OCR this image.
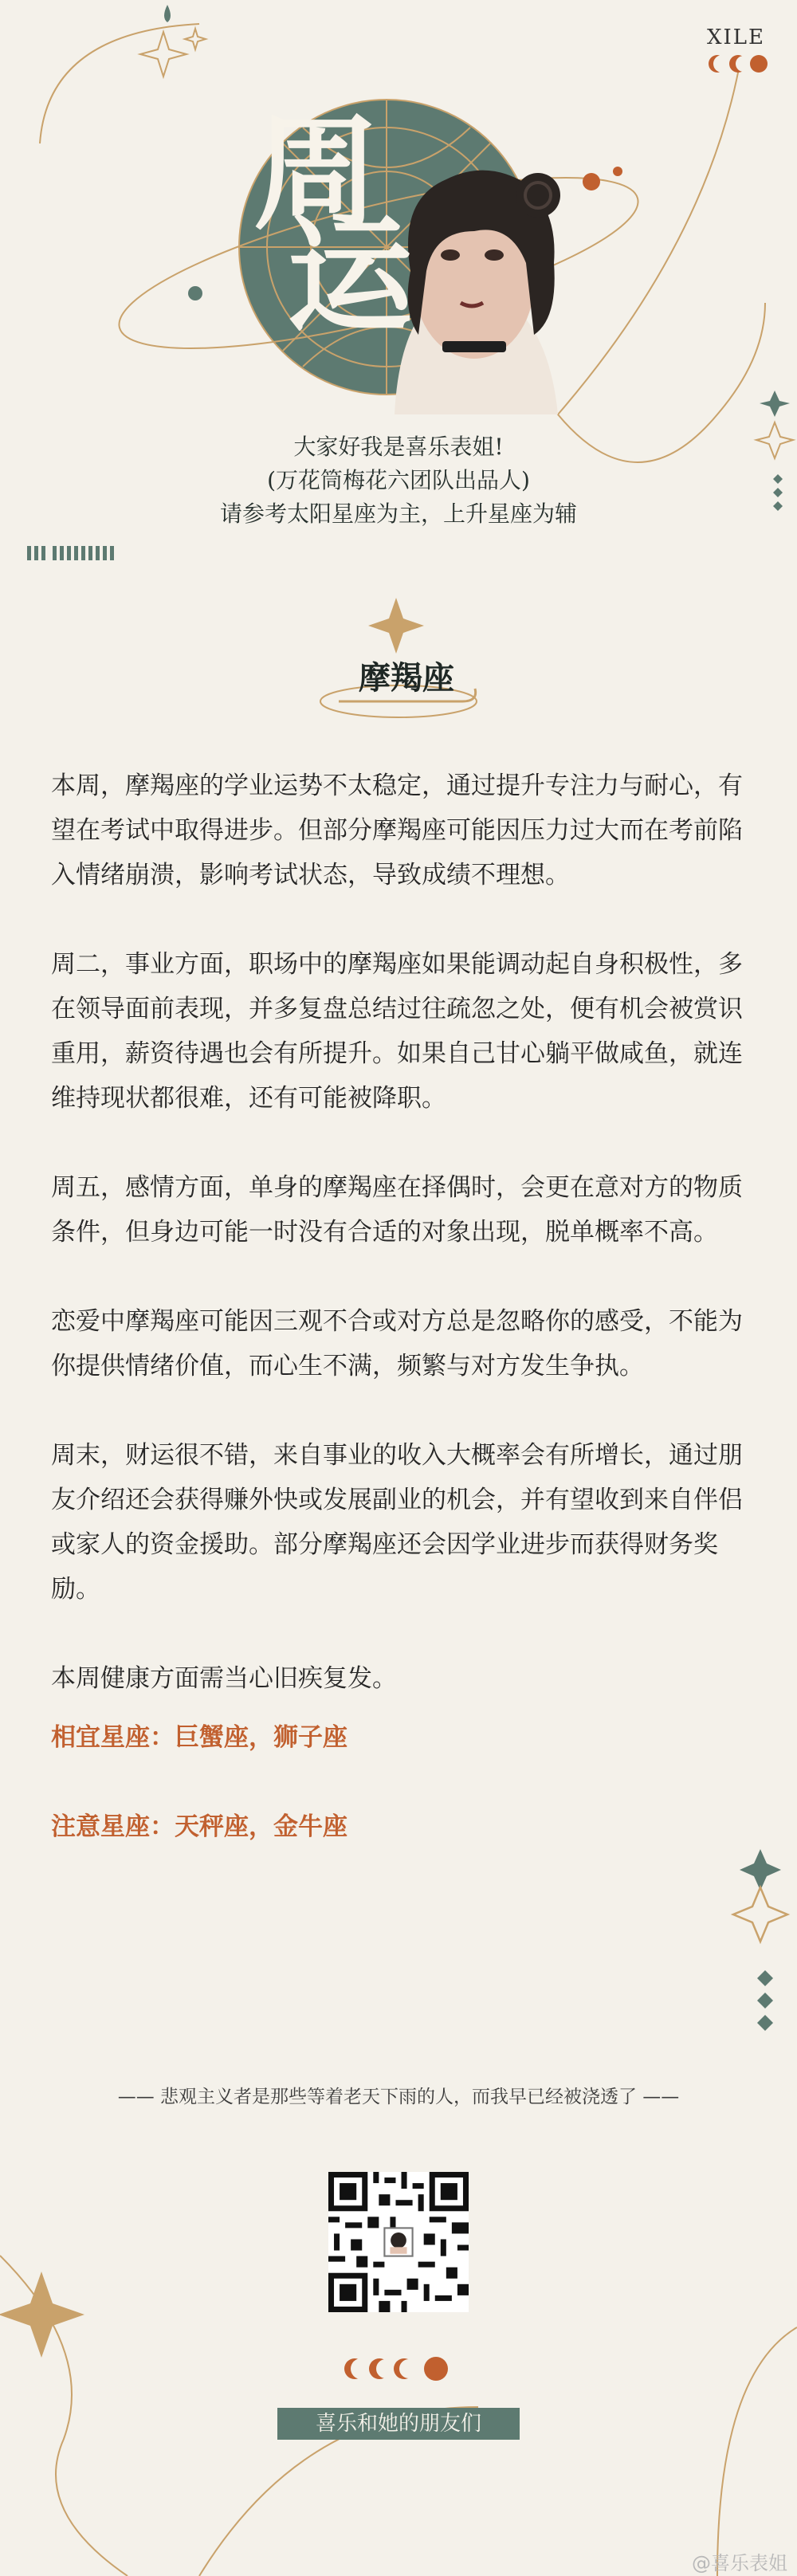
XILE
周
运
大家好我是喜乐表姐!
(万花筒梅花六团队出品人)
请参考太阳星座为主，上升星座为辅
摩羯座

本周，摩羯座的学业运势不太稳定，通过提升专注力与耐心，有望在考试中取得进步。但部分摩羯座可能因压力过大而在考前陷入情绪崩溃，影响考试状态，导致成绩不理想。

周二，事业方面，职场中的摩羯座如果能调动起自身积极性，多在领导面前表现，并多复盘总结过往疏忽之处，便有机会被赏识重用，薪资待遇也会有所提升。如果自己甘心躺平做咸鱼，就连维持现状都很难，还有可能被降职。

周五，感情方面，单身的摩羯座在择偶时，会更在意对方的物质条件，但身边可能一时没有合适的对象出现，脱单概率不高。

恋爱中摩羯座可能因三观不合或对方总是忽略你的感受，不能为你提供情绪价值，而心生不满，频繁与对方发生争执。

周末，财运很不错，来自事业的收入大概率会有所增长，通过朋友介绍还会获得赚外快或发展副业的机会，并有望收到来自伴侣或家人的资金援助。部分摩羯座还会因学业进步而获得财务奖励。

本周健康方面需当心旧疾复发。

相宜星座：巨蟹座，狮子座

注意星座：天秤座，金牛座

—— 悲观主义者是那些等着老天下雨的人，而我早已经被浇透了 ——
喜乐和她的朋友们
@喜乐表姐
